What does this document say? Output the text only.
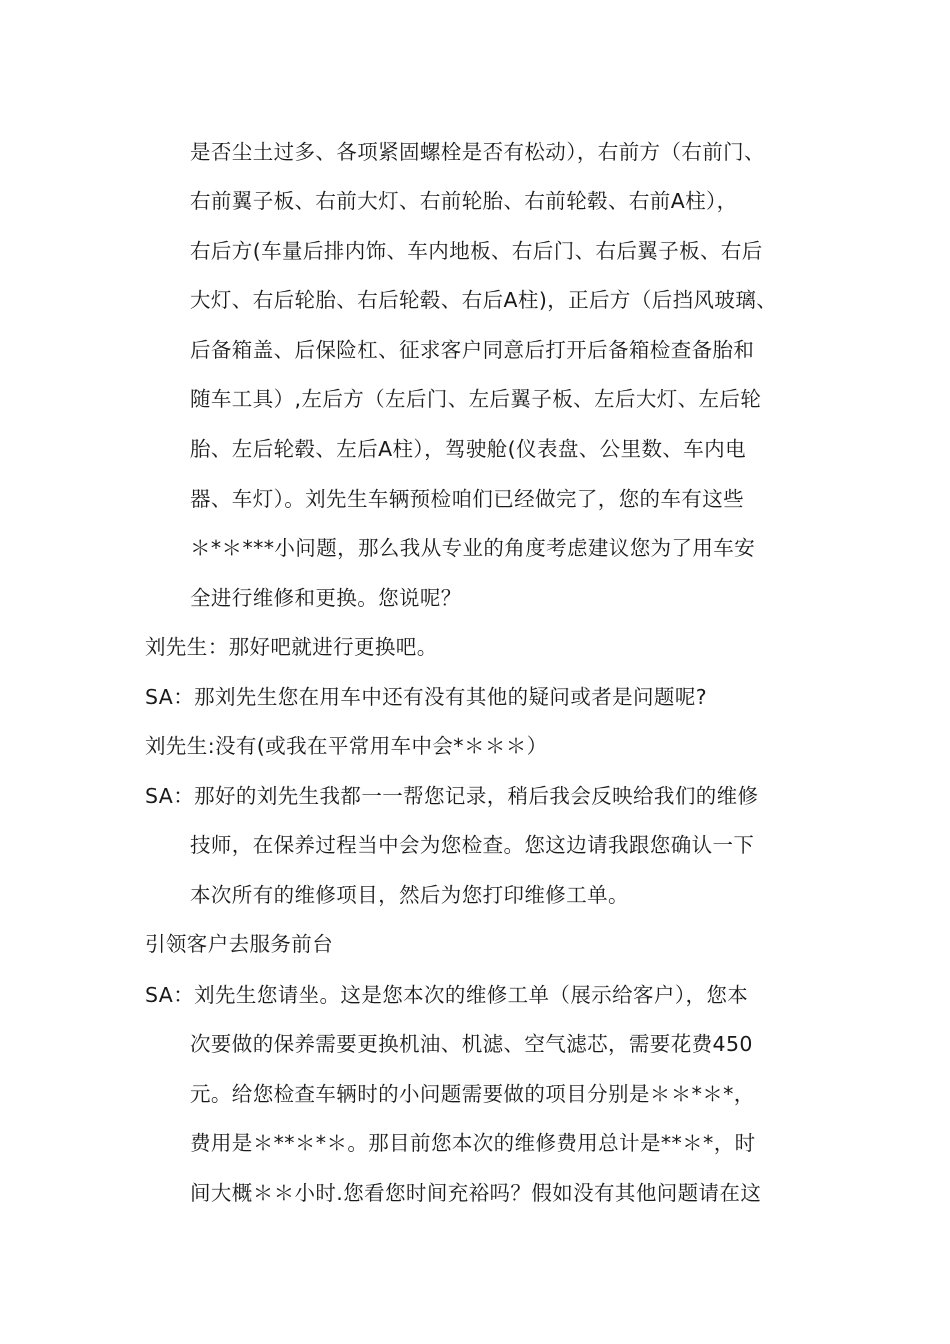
是否尘土过多、各项紧固螺栓是否有松动），右前方（右前门、
右前翼子板、右前大灯、右前轮胎、右前轮毂、右前A柱），
右后方(车量后排内饰、车内地板、右后门、右后翼子板、右后
大灯、右后轮胎、右后轮毂、右后A柱)，正后方（后挡风玻璃、
后备箱盖、后保险杠、征求客户同意后打开后备箱检查备胎和
随车工具）,左后方（左后门、左后翼子板、左后大灯、左后轮
胎、左后轮毂、左后A柱），驾驶舱(仪表盘、公里数、车内电
器、车灯）。刘先生车辆预检咱们已经做完了，您的车有这些
＊*＊***小问题，那么我从专业的角度考虑建议您为了用车安
全进行维修和更换。您说呢？
刘先生：那好吧就进行更换吧。
SA：那刘先生您在用车中还有没有其他的疑问或者是问题呢?
刘先生:没有(或我在平常用车中会*＊＊＊）
SA：那好的刘先生我都一一帮您记录，稍后我会反映给我们的维修
技师，在保养过程当中会为您检查。您这边请我跟您确认一下
本次所有的维修项目，然后为您打印维修工单。
引领客户去服务前台
SA：刘先生您请坐。这是您本次的维修工单（展示给客户），您本
次要做的保养需要更换机油、机滤、空气滤芯，需要花费450
元。给您检查车辆时的小问题需要做的项目分别是＊＊*＊*，
费用是＊**＊*＊。那目前您本次的维修费用总计是**＊*，时
间大概＊＊小时.您看您时间充裕吗？假如没有其他问题请在这
